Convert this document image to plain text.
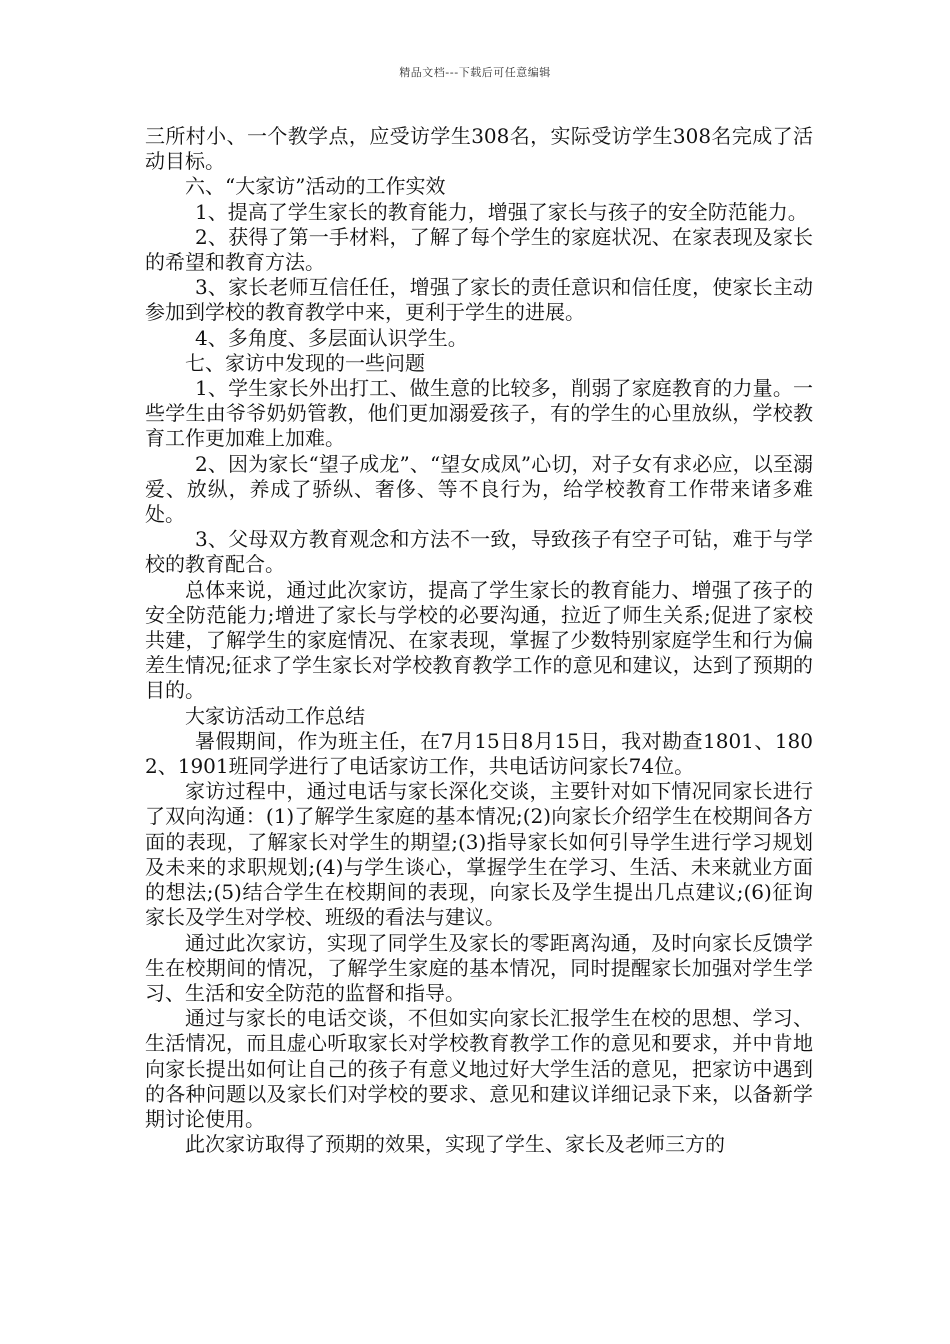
精品文档---下载后可任意编辑

三所村小、一个教学点，应受访学生308名，实际受访学生308名完成了活动目标。

六、“大家访”活动的工作实效

1、提高了学生家长的教育能力，增强了家长与孩子的安全防范能力。

2、获得了第一手材料，了解了每个学生的家庭状况、在家表现及家长的希望和教育方法。

3、家长老师互信任任，增强了家长的责任意识和信任度，使家长主动参加到学校的教育教学中来，更利于学生的进展。

4、多角度、多层面认识学生。

七、家访中发现的一些问题

1、学生家长外出打工、做生意的比较多，削弱了家庭教育的力量。一些学生由爷爷奶奶管教，他们更加溺爱孩子，有的学生的心里放纵，学校教育工作更加难上加难。

2、因为家长“望子成龙”、“望女成凤”心切，对子女有求必应，以至溺爱、放纵，养成了骄纵、奢侈、等不良行为，给学校教育工作带来诸多难处。

3、父母双方教育观念和方法不一致，导致孩子有空子可钻，难于与学校的教育配合。

总体来说，通过此次家访，提高了学生家长的教育能力、增强了孩子的安全防范能力;增进了家长与学校的必要沟通，拉近了师生关系;促进了家校共建，了解学生的家庭情况、在家表现，掌握了少数特别家庭学生和行为偏差生情况;征求了学生家长对学校教育教学工作的意见和建议，达到了预期的目的。

大家访活动工作总结

暑假期间，作为班主任，在7月15日8月15日，我对勘查1801、1802、1901班同学进行了电话家访工作，共电话访问家长74位。

家访过程中，通过电话与家长深化交谈，主要针对如下情况同家长进行了双向沟通：(1)了解学生家庭的基本情况;(2)向家长介绍学生在校期间各方面的表现，了解家长对学生的期望;(3)指导家长如何引导学生进行学习规划及未来的求职规划;(4)与学生谈心，掌握学生在学习、生活、未来就业方面的想法;(5)结合学生在校期间的表现，向家长及学生提出几点建议;(6)征询家长及学生对学校、班级的看法与建议。

通过此次家访，实现了同学生及家长的零距离沟通，及时向家长反馈学生在校期间的情况，了解学生家庭的基本情况，同时提醒家长加强对学生学习、生活和安全防范的监督和指导。

通过与家长的电话交谈，不但如实向家长汇报学生在校的思想、学习、生活情况，而且虚心听取家长对学校教育教学工作的意见和要求，并中肯地向家长提出如何让自己的孩子有意义地过好大学生活的意见，把家访中遇到的各种问题以及家长们对学校的要求、意见和建议详细记录下来，以备新学期讨论使用。

此次家访取得了预期的效果，实现了学生、家长及老师三方的
